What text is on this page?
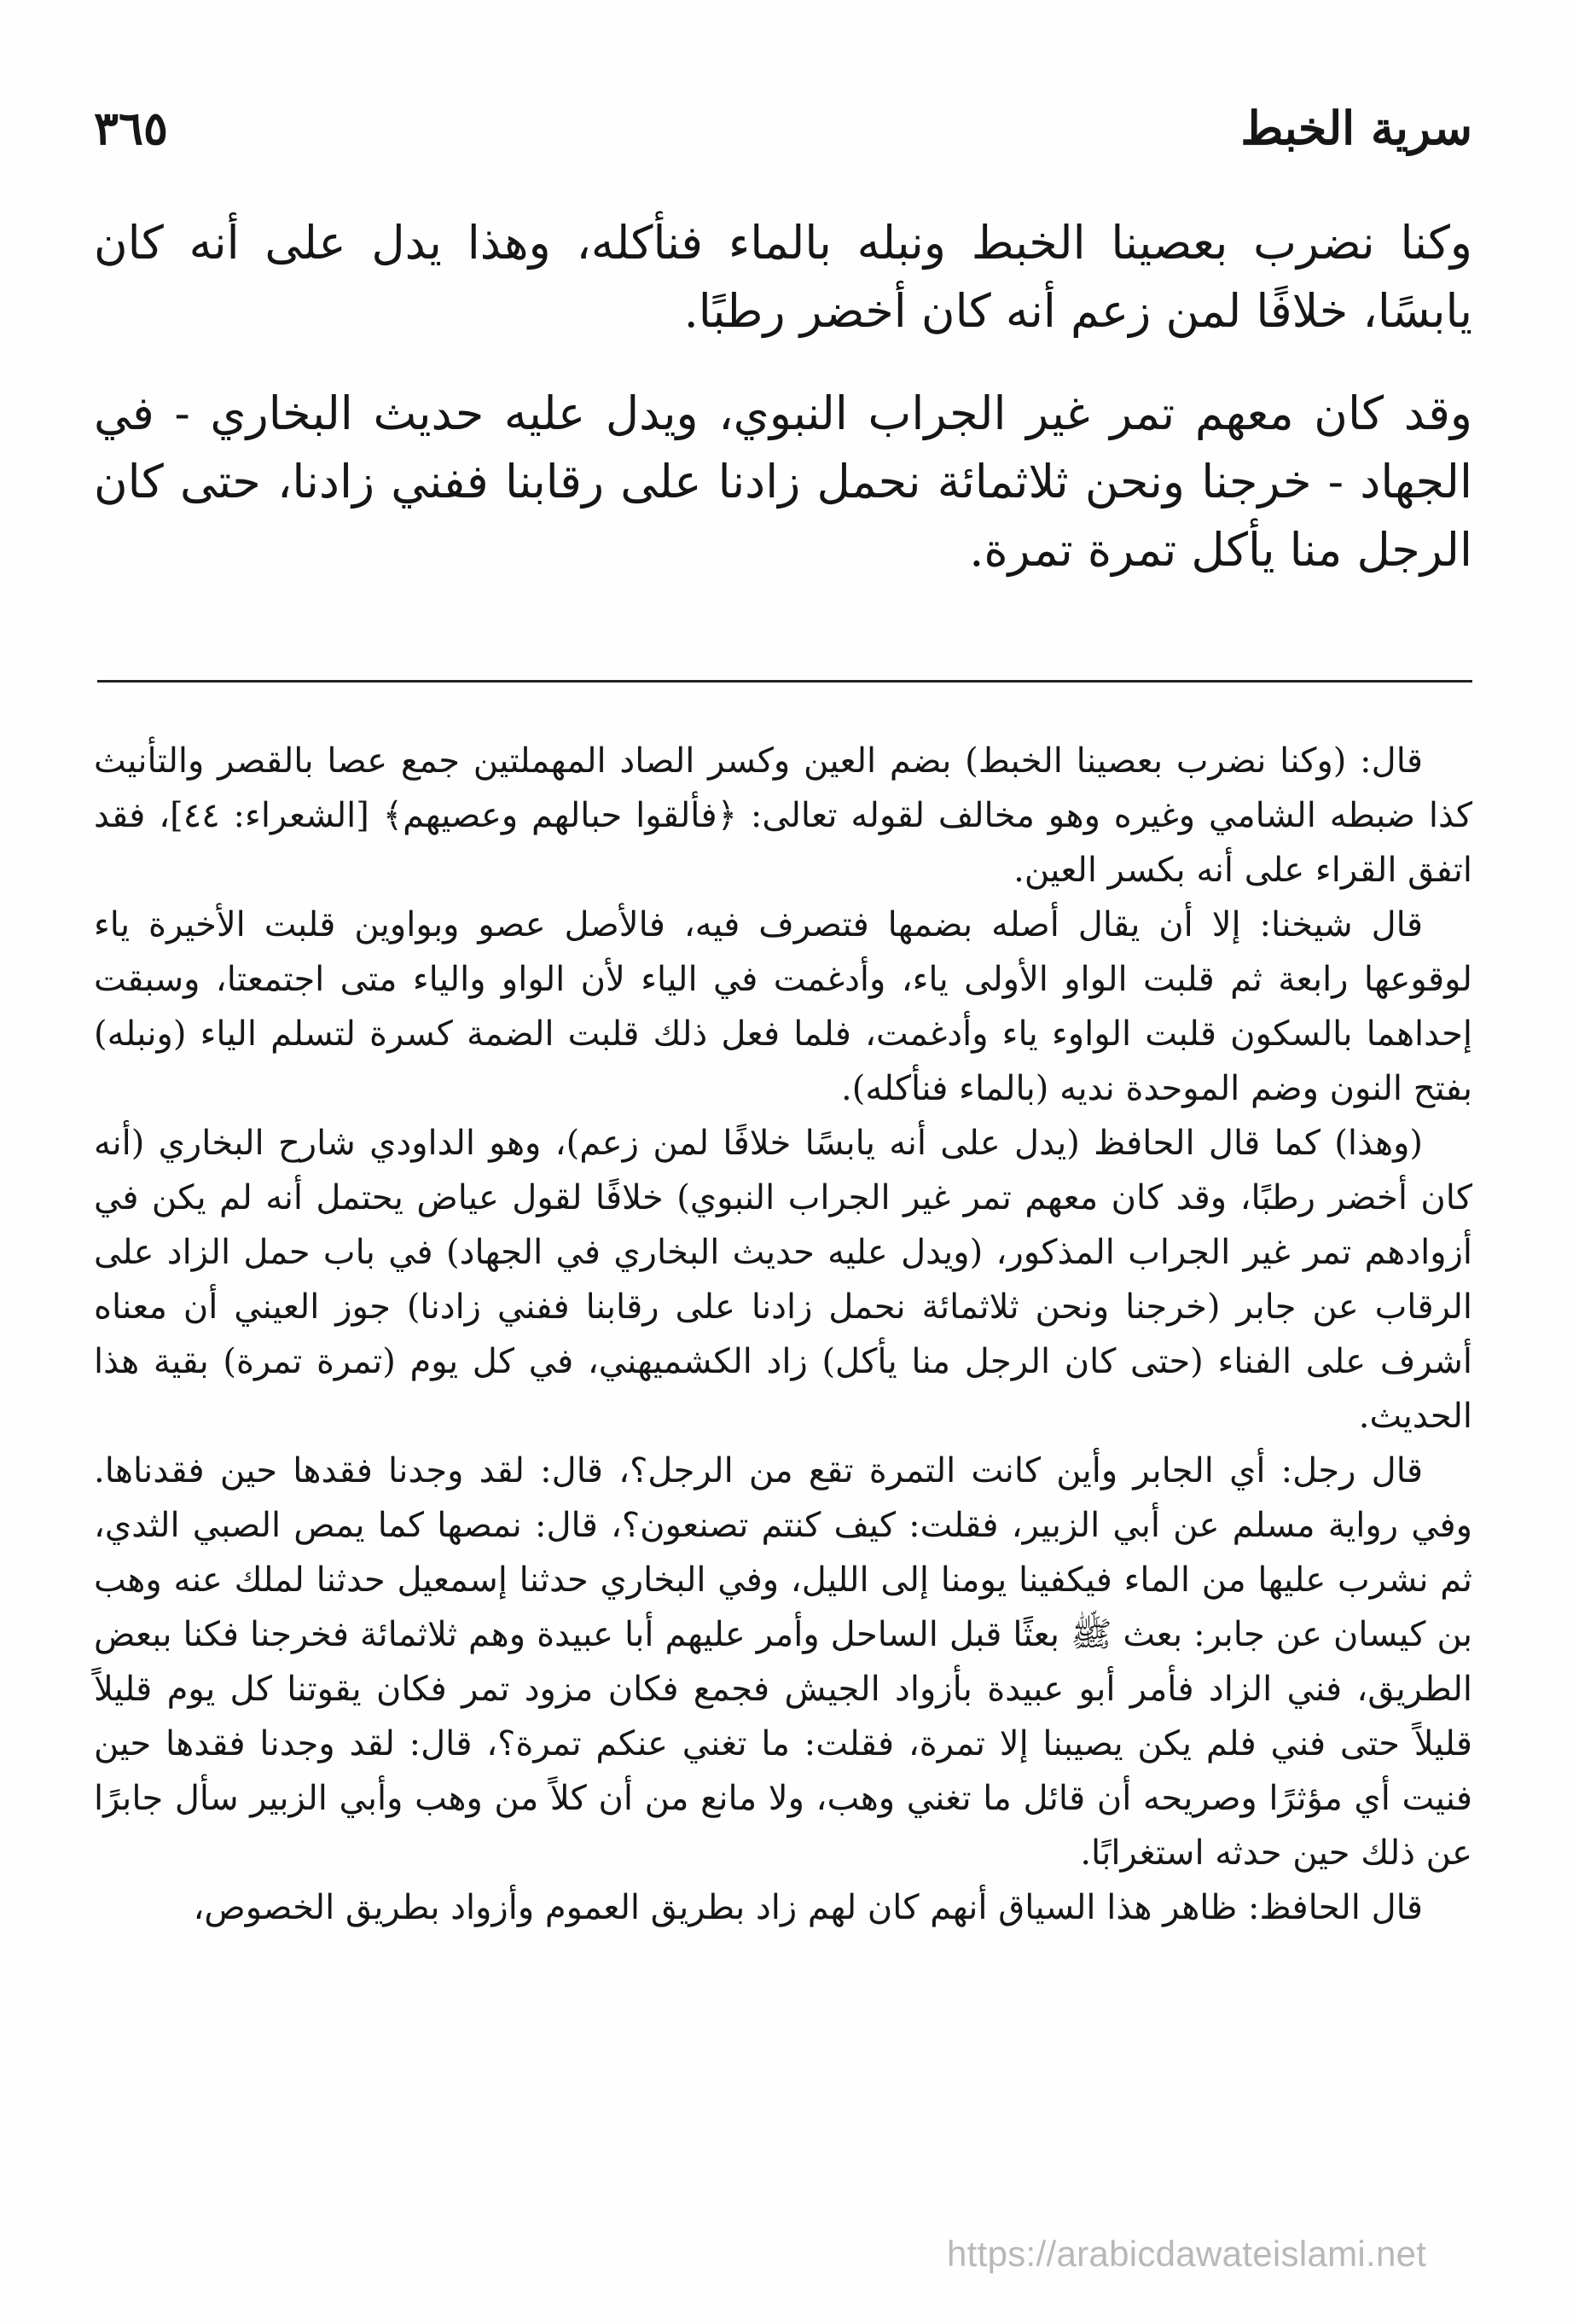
سرية الخبط
٣٦٥

وكنا نضرب بعصينا الخبط ونبله بالماء فنأكله، وهذا يدل على أنه كان يابسًا، خلافًا لمن زعم أنه كان أخضر رطبًا.

وقد كان معهم تمر غير الجراب النبوي، ويدل عليه حديث البخاري - في الجهاد - خرجنا ونحن ثلاثمائة نحمل زادنا على رقابنا ففني زادنا، حتى كان الرجل منا يأكل تمرة تمرة.

قال: (وكنا نضرب بعصينا الخبط) بضم العين وكسر الصاد المهملتين جمع عصا بالقصر والتأنيث كذا ضبطه الشامي وغيره وهو مخالف لقوله تعالى: ﴿فألقوا حبالهم وعصيهم﴾ [الشعراء: ٤٤]، فقد اتفق القراء على أنه بكسر العين.

قال شيخنا: إلا أن يقال أصله بضمها فتصرف فيه، فالأصل عصو وبواوين قلبت الأخيرة ياء لوقوعها رابعة ثم قلبت الواو الأولى ياء، وأدغمت في الياء لأن الواو والياء متى اجتمعتا، وسبقت إحداهما بالسكون قلبت الواوء ياء وأدغمت، فلما فعل ذلك قلبت الضمة كسرة لتسلم الياء (ونبله) بفتح النون وضم الموحدة نديه (بالماء فنأكله).

(وهذا) كما قال الحافظ (يدل على أنه يابسًا خلافًا لمن زعم)، وهو الداودي شارح البخاري (أنه كان أخضر رطبًا، وقد كان معهم تمر غير الجراب النبوي) خلافًا لقول عياض يحتمل أنه لم يكن في أزوادهم تمر غير الجراب المذكور، (ويدل عليه حديث البخاري في الجهاد) في باب حمل الزاد على الرقاب عن جابر (خرجنا ونحن ثلاثمائة نحمل زادنا على رقابنا ففني زادنا) جوز العيني أن معناه أشرف على الفناء (حتى كان الرجل منا يأكل) زاد الكشميهني، في كل يوم (تمرة تمرة) بقية هذا الحديث.

قال رجل: أي الجابر وأين كانت التمرة تقع من الرجل؟، قال: لقد وجدنا فقدها حين فقدناها. وفي رواية مسلم عن أبي الزبير، فقلت: كيف كنتم تصنعون؟، قال: نمصها كما يمص الصبي الثدي، ثم نشرب عليها من الماء فيكفينا يومنا إلى الليل، وفي البخاري حدثنا إسمعيل حدثنا لملك عنه وهب بن كيسان عن جابر: بعث ﷺ بعثًا قبل الساحل وأمر عليهم أبا عبيدة وهم ثلاثمائة فخرجنا فكنا ببعض الطريق، فني الزاد فأمر أبو عبيدة بأزواد الجيش فجمع فكان مزود تمر فكان يقوتنا كل يوم قليلاً قليلاً حتى فني فلم يكن يصيبنا إلا تمرة، فقلت: ما تغني عنكم تمرة؟، قال: لقد وجدنا فقدها حين فنيت أي مؤثرًا وصريحه أن قائل ما تغني وهب، ولا مانع من أن كلاً من وهب وأبي الزبير سأل جابرًا عن ذلك حين حدثه استغرابًا.

قال الحافظ: ظاهر هذا السياق أنهم كان لهم زاد بطريق العموم وأزواد بطريق الخصوص،

https://arabicdawateislami.net
